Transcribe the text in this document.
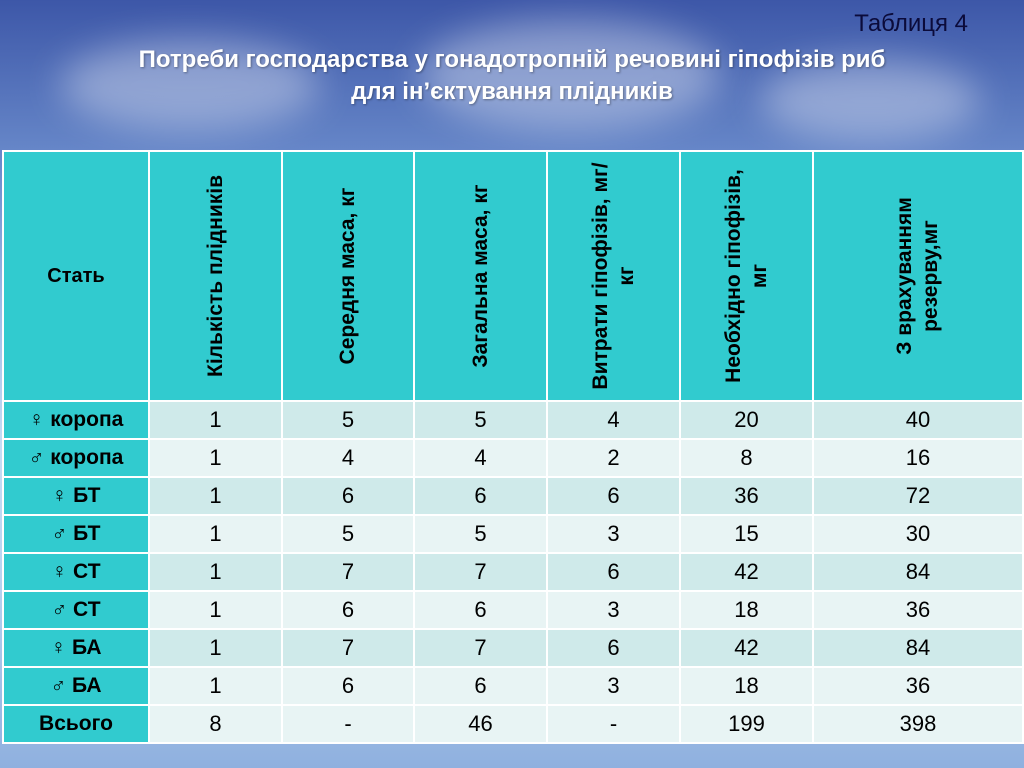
Таблиця 4
Потреби господарства у гонадотропній речовині гіпофізів риб
для ін’єктування плідників
Стать	Кількість плідників	Середня маса, кг	Загальна маса, кг	Витрати гіпофізів, мг/кг	Необхідно гіпофізів, мг	З врахуванням резерву,мг

♀ коропа	1	5	5	4	20	40
♂ коропа	1	4	4	2	8	16
♀ БТ	1	6	6	6	36	72
♂ БТ	1	5	5	3	15	30
♀ СТ	1	7	7	6	42	84
♂ СТ	1	6	6	3	18	36
♀ БА	1	7	7	6	42	84
♂ БА	1	6	6	3	18	36
Всього	8	-	46	-	199	398
